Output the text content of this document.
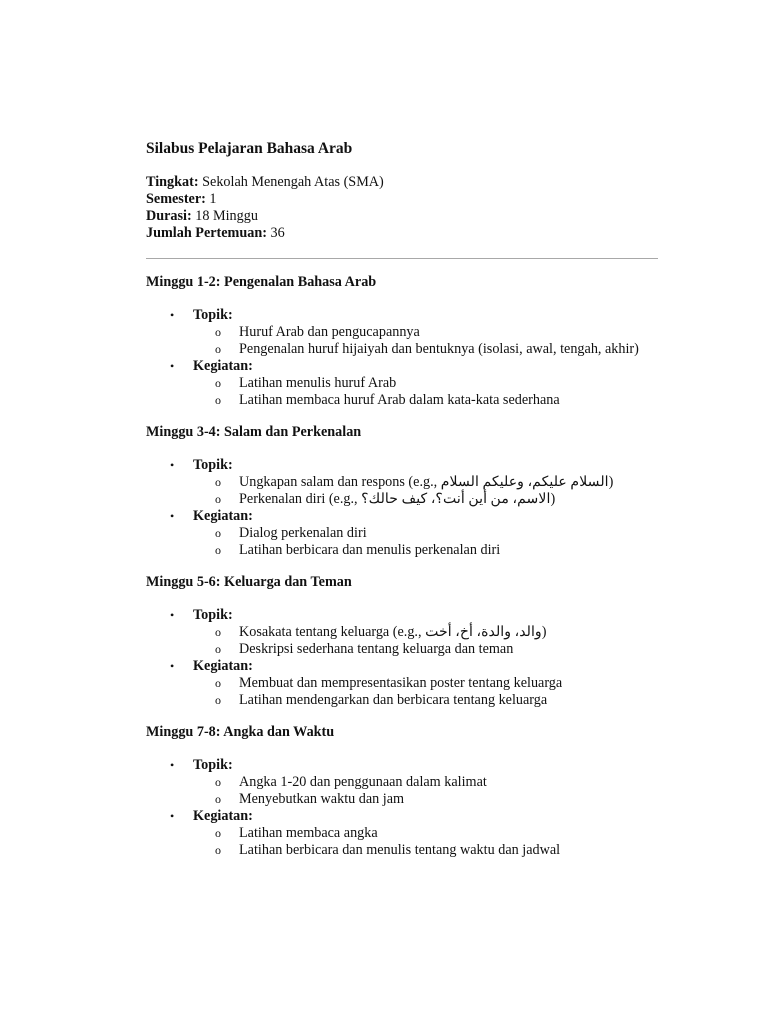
Silabus Pelajaran Bahasa Arab

Tingkat: Sekolah Menengah Atas (SMA)

Semester: 1

Durasi: 18 Minggu

Jumlah Pertemuan: 36

Minggu 1-2: Pengenalan Bahasa Arab

• Topik:
o Huruf Arab dan pengucapannya
o Pengenalan huruf hijaiyah dan bentuknya (isolasi, awal, tengah, akhir)
• Kegiatan:
o Latihan menulis huruf Arab
o Latihan membaca huruf Arab dalam kata-kata sederhana

Minggu 3-4: Salam dan Perkenalan

• Topik:
o Ungkapan salam dan respons (e.g., السلام عليكم، وعليكم السلام)
o Perkenalan diri (e.g., الاسم، من أين أنت؟، كيف حالك؟)
• Kegiatan:
o Dialog perkenalan diri
o Latihan berbicara dan menulis perkenalan diri

Minggu 5-6: Keluarga dan Teman

• Topik:
o Kosakata tentang keluarga (e.g., والد، والدة، أخ، أخت)
o Deskripsi sederhana tentang keluarga dan teman
• Kegiatan:
o Membuat dan mempresentasikan poster tentang keluarga
o Latihan mendengarkan dan berbicara tentang keluarga

Minggu 7-8: Angka dan Waktu

• Topik:
o Angka 1-20 dan penggunaan dalam kalimat
o Menyebutkan waktu dan jam
• Kegiatan:
o Latihan membaca angka
o Latihan berbicara dan menulis tentang waktu dan jadwal
